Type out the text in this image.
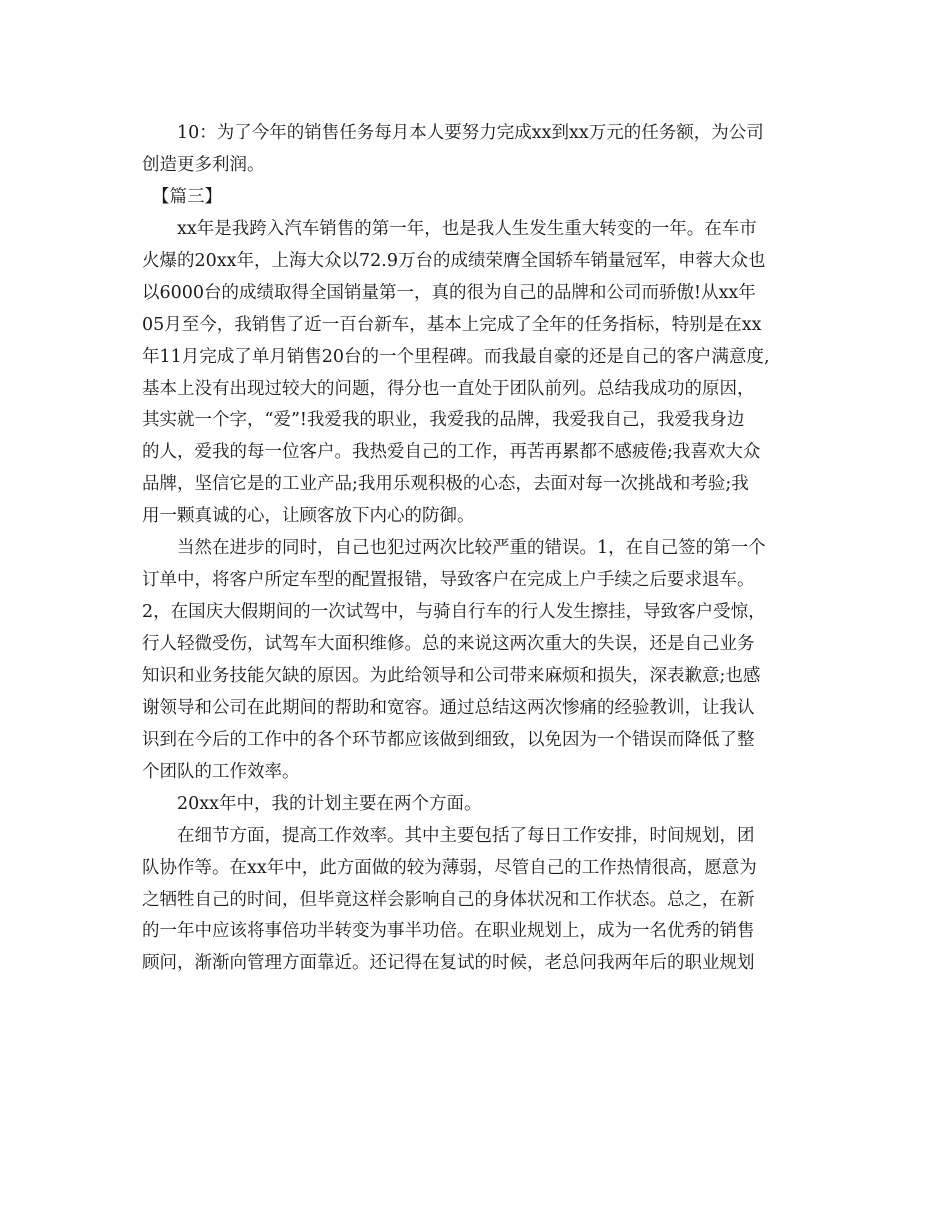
10：为了今年的销售任务每月本人要努力完成xx到xx万元的任务额，为公司
创造更多利润。
【篇三】
xx年是我跨入汽车销售的第一年，也是我人生发生重大转变的一年。在车市
火爆的20xx年，上海大众以72.9万台的成绩荣膺全国轿车销量冠军，申蓉大众也
以6000台的成绩取得全国销量第一，真的很为自己的品牌和公司而骄傲!从xx年
05月至今，我销售了近一百台新车，基本上完成了全年的任务指标，特别是在xx
年11月完成了单月销售20台的一个里程碑。而我最自豪的还是自己的客户满意度,
基本上没有出现过较大的问题，得分也一直处于团队前列。总结我成功的原因，
其实就一个字，“爱”!我爱我的职业，我爱我的品牌，我爱我自己，我爱我身边
的人，爱我的每一位客户。我热爱自己的工作，再苦再累都不感疲倦;我喜欢大众
品牌，坚信它是的工业产品;我用乐观积极的心态，去面对每一次挑战和考验;我
用一颗真诚的心，让顾客放下内心的防御。
当然在进步的同时，自己也犯过两次比较严重的错误。1，在自己签的第一个
订单中，将客户所定车型的配置报错，导致客户在完成上户手续之后要求退车。
2，在国庆大假期间的一次试驾中，与骑自行车的行人发生擦挂，导致客户受惊，
行人轻微受伤，试驾车大面积维修。总的来说这两次重大的失误，还是自己业务
知识和业务技能欠缺的原因。为此给领导和公司带来麻烦和损失，深表歉意;也感
谢领导和公司在此期间的帮助和宽容。通过总结这两次惨痛的经验教训，让我认
识到在今后的工作中的各个环节都应该做到细致，以免因为一个错误而降低了整
个团队的工作效率。
20xx年中，我的计划主要在两个方面。
在细节方面，提高工作效率。其中主要包括了每日工作安排，时间规划，团
队协作等。在xx年中，此方面做的较为薄弱，尽管自己的工作热情很高，愿意为
之牺牲自己的时间，但毕竟这样会影响自己的身体状况和工作状态。总之，在新
的一年中应该将事倍功半转变为事半功倍。在职业规划上，成为一名优秀的销售
顾问，渐渐向管理方面靠近。还记得在复试的时候，老总问我两年后的职业规划
